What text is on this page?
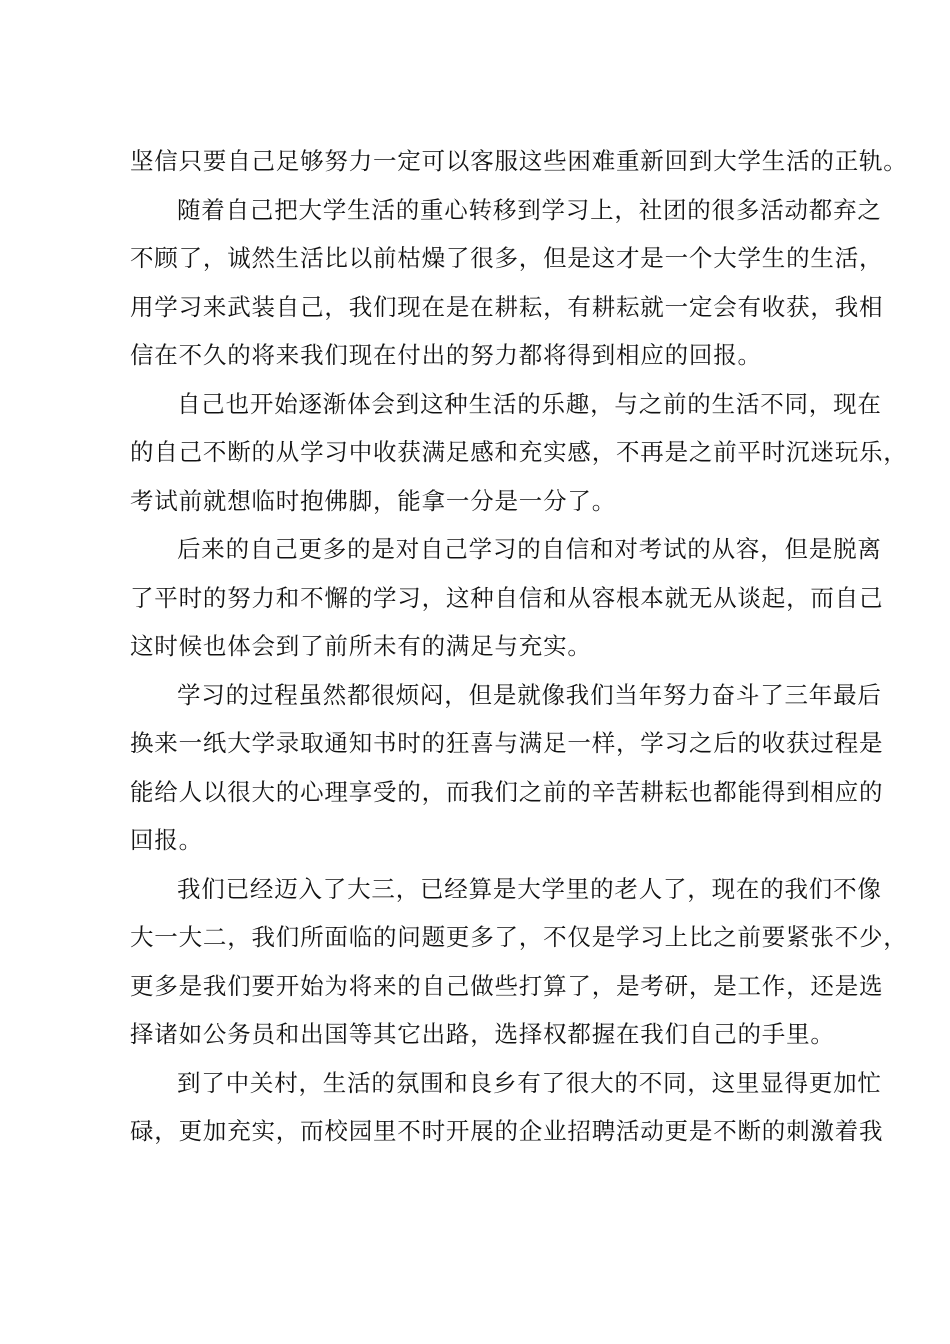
坚信只要自己足够努力一定可以客服这些困难重新回到大学生活的正轨。
随着自己把大学生活的重心转移到学习上，社团的很多活动都弃之
不顾了，诚然生活比以前枯燥了很多，但是这才是一个大学生的生活，
用学习来武装自己，我们现在是在耕耘，有耕耘就一定会有收获，我相
信在不久的将来我们现在付出的努力都将得到相应的回报。
自己也开始逐渐体会到这种生活的乐趣，与之前的生活不同，现在
的自己不断的从学习中收获满足感和充实感，不再是之前平时沉迷玩乐，
考试前就想临时抱佛脚，能拿一分是一分了。
后来的自己更多的是对自己学习的自信和对考试的从容，但是脱离
了平时的努力和不懈的学习，这种自信和从容根本就无从谈起，而自己
这时候也体会到了前所未有的满足与充实。
学习的过程虽然都很烦闷，但是就像我们当年努力奋斗了三年最后
换来一纸大学录取通知书时的狂喜与满足一样，学习之后的收获过程是
能给人以很大的心理享受的，而我们之前的辛苦耕耘也都能得到相应的
回报。
我们已经迈入了大三，已经算是大学里的老人了，现在的我们不像
大一大二，我们所面临的问题更多了，不仅是学习上比之前要紧张不少，
更多是我们要开始为将来的自己做些打算了，是考研，是工作，还是选
择诸如公务员和出国等其它出路，选择权都握在我们自己的手里。
到了中关村，生活的氛围和良乡有了很大的不同，这里显得更加忙
碌，更加充实，而校园里不时开展的企业招聘活动更是不断的刺激着我
